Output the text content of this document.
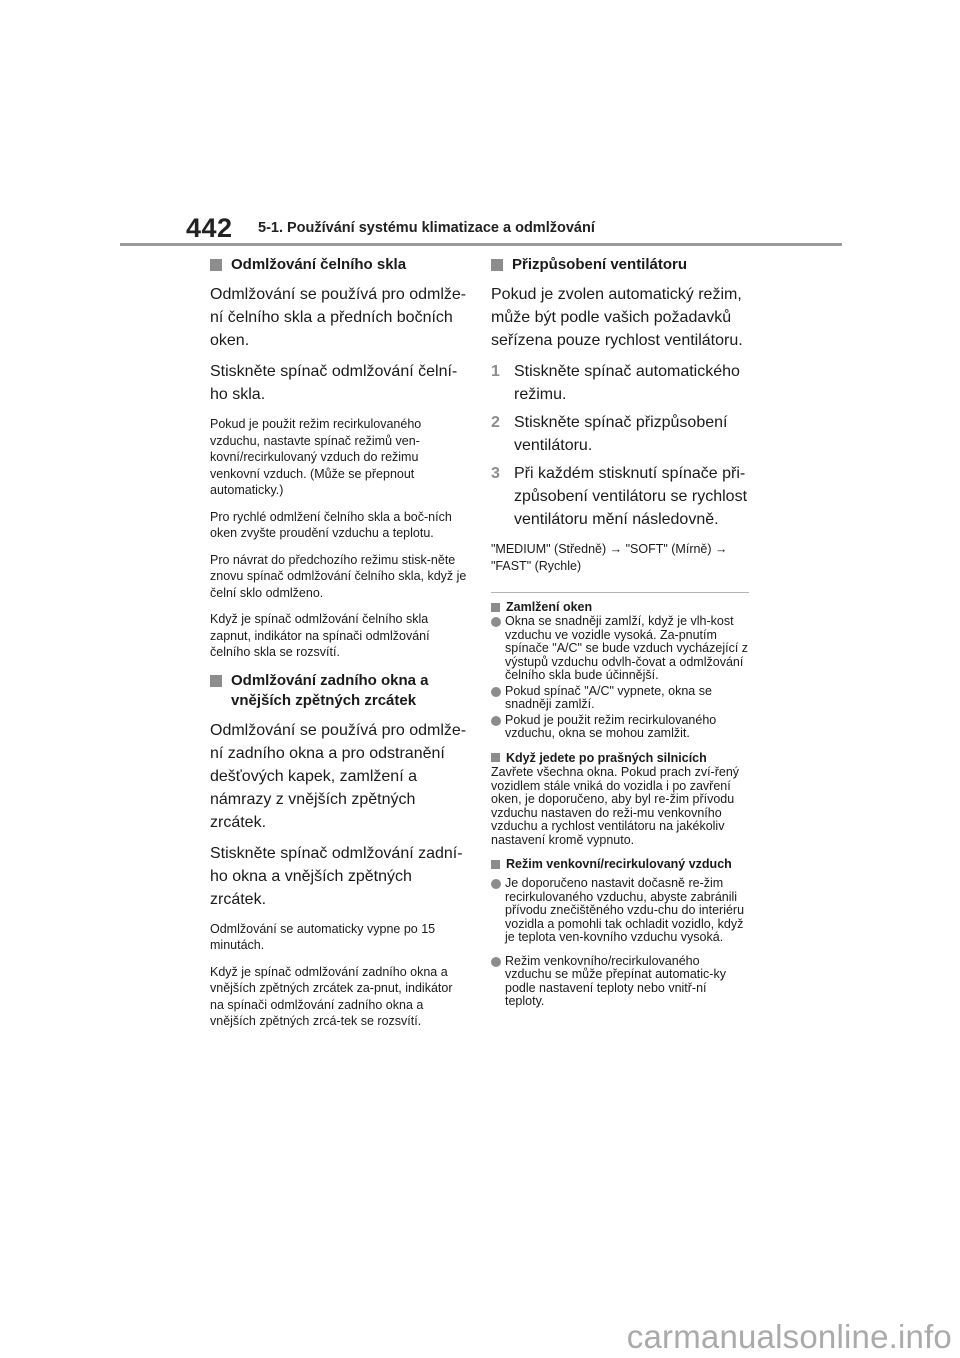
442 5-1. Používání systému klimatizace a odmlžování
Odmlžování čelního skla

Odmlžování se používá pro odmlže-ní čelního skla a předních bočních oken.

Stiskněte spínač odmlžování čelní-ho skla.

Pokud je použit režim recirkulovaného vzduchu, nastavte spínač režimů ven-kovní/recirkulovaný vzduch do režimu venkovní vzduch. (Může se přepnout automaticky.)

Pro rychlé odmlžení čelního skla a boč-ních oken zvyšte proudění vzduchu a teplotu.

Pro návrat do předchozího režimu stisk-něte znovu spínač odmlžování čelního skla, když je čelní sklo odmlženo.

Když je spínač odmlžování čelního skla zapnut, indikátor na spínači odmlžování čelního skla se rozsvítí.

Odmlžování zadního okna a vnějších zpětných zrcátek

Odmlžování se používá pro odmlže-ní zadního okna a pro odstranění dešťových kapek, zamlžení a námrazy z vnějších zpětných zrcátek.

Stiskněte spínač odmlžování zadní-ho okna a vnějších zpětných zrcátek.

Odmlžování se automaticky vypne po 15 minutách.

Když je spínač odmlžování zadního okna a vnějších zpětných zrcátek za-pnut, indikátor na spínači odmlžování zadního okna a vnějších zpětných zrcá-tek se rozsvítí.

Přizpůsobení ventilátoru

Pokud je zvolen automatický režim, může být podle vašich požadavků seřízena pouze rychlost ventilátoru.

1 Stiskněte spínač automatického režimu.
2 Stiskněte spínač přizpůsobení ventilátoru.
3 Při každém stisknutí spínače při-způsobení ventilátoru se rychlost ventilátoru mění následovně.

"MEDIUM" (Středně) → "SOFT" (Mírně) → "FAST" (Rychle)

Zamlžení oken
Okna se snadněji zamlží, když je vlh-kost vzduchu ve vozidle vysoká. Za-pnutím spínače "A/C" se bude vzduch vycházející z výstupů vzduchu odvlh-čovat a odmlžování čelního skla bude účinnější.
Pokud spínač "A/C" vypnete, okna se snadněji zamlží.
Pokud je použit režim recirkulovaného vzduchu, okna se mohou zamlžit.
Když jedete po prašných silnicích

Zavřete všechna okna. Pokud prach zví-řený vozidlem stále vniká do vozidla i po zavření oken, je doporučeno, aby byl re-žim přívodu vzduchu nastaven do reži-mu venkovního vzduchu a rychlost ventilátoru na jakékoliv nastavení kromě vypnuto.

Režim venkovní/recirkulovaný vzduch
Je doporučeno nastavit dočasně re-žim recirkulovaného vzduchu, abyste zabránili přívodu znečištěného vzdu-chu do interiéru vozidla a pomohli tak ochladit vozidlo, když je teplota ven-kovního vzduchu vysoká.
Režim venkovního/recirkulovaného vzduchu se může přepínat automatic-ky podle nastavení teploty nebo vnitř-ní teploty.
carmanualsonline.info
